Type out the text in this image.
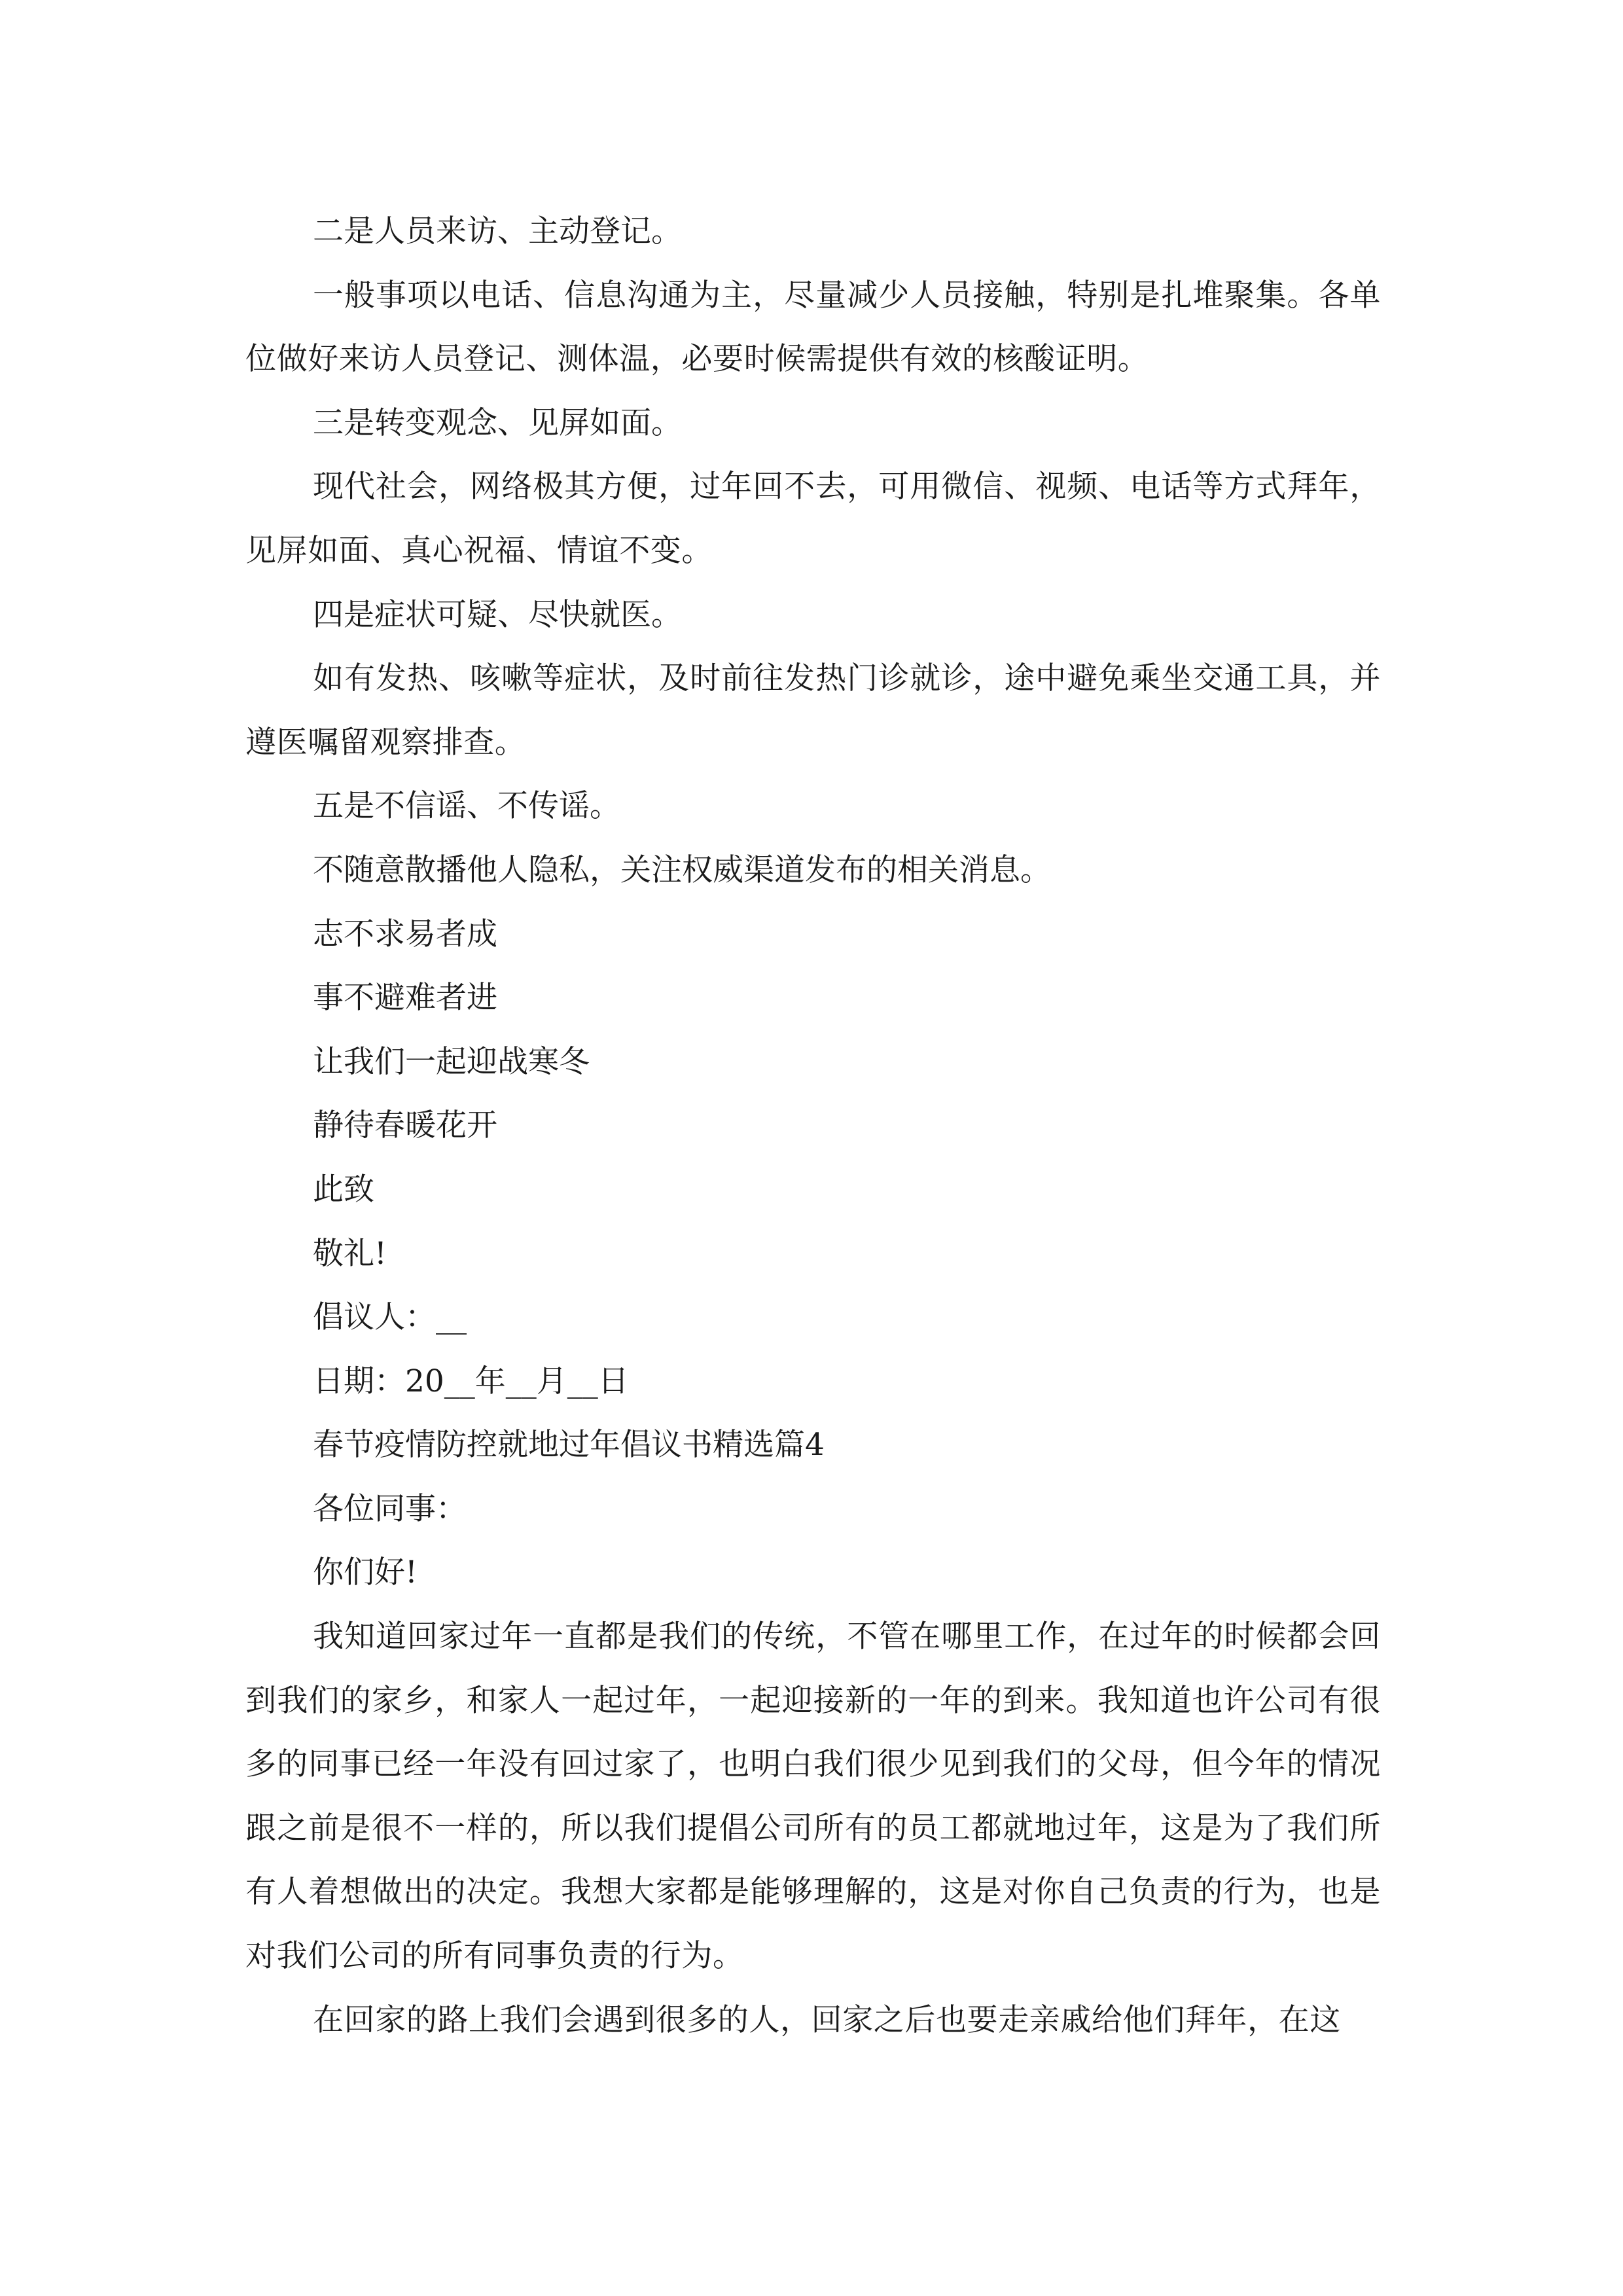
二是人员来访、主动登记。

一般事项以电话、信息沟通为主，尽量减少人员接触，特别是扎堆聚集。各单位做好来访人员登记、测体温，必要时候需提供有效的核酸证明。

三是转变观念、见屏如面。

现代社会，网络极其方便，过年回不去，可用微信、视频、电话等方式拜年，见屏如面、真心祝福、情谊不变。

四是症状可疑、尽快就医。

如有发热、咳嗽等症状，及时前往发热门诊就诊，途中避免乘坐交通工具，并遵医嘱留观察排查。

五是不信谣、不传谣。

不随意散播他人隐私，关注权威渠道发布的相关消息。

志不求易者成

事不避难者进

让我们一起迎战寒冬

静待春暖花开

此致

敬礼!

倡议人：__

日期：20__年__月__日

春节疫情防控就地过年倡议书精选篇4

各位同事：

你们好!

我知道回家过年一直都是我们的传统，不管在哪里工作，在过年的时候都会回到我们的家乡，和家人一起过年，一起迎接新的一年的到来。我知道也许公司有很多的同事已经一年没有回过家了，也明白我们很少见到我们的父母，但今年的情况跟之前是很不一样的，所以我们提倡公司所有的员工都就地过年，这是为了我们所有人着想做出的决定。我想大家都是能够理解的，这是对你自己负责的行为，也是对我们公司的所有同事负责的行为。

在回家的路上我们会遇到很多的人，回家之后也要走亲戚给他们拜年，在这
